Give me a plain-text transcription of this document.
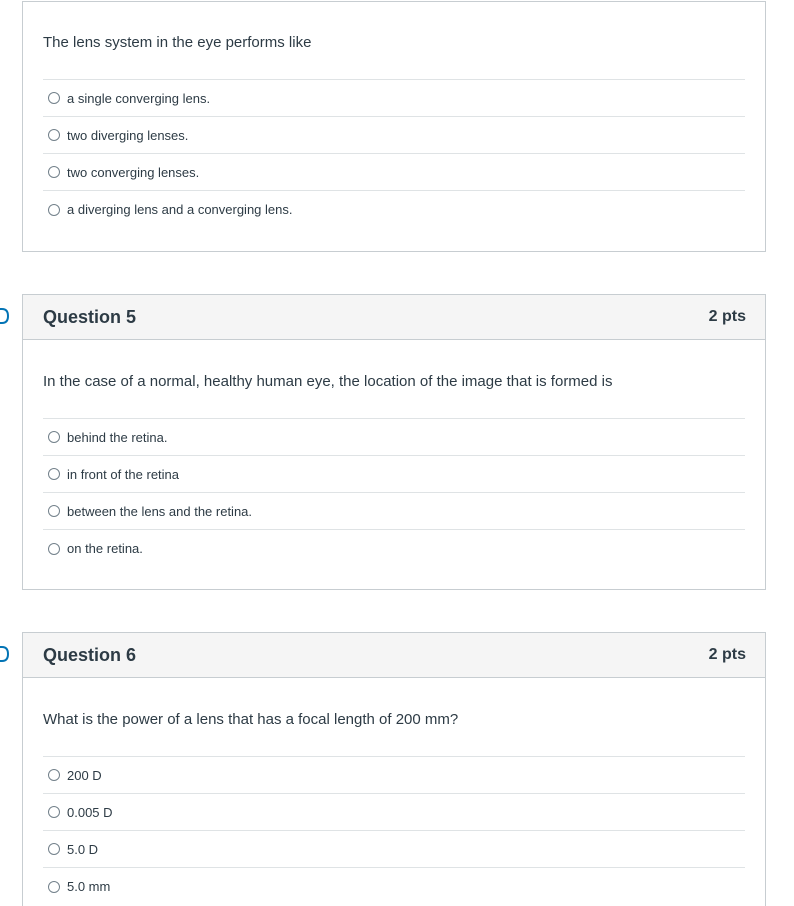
The lens system in the eye performs like

a single converging lens.
two diverging lenses.
two converging lenses.
a diverging lens and a converging lens.
Question 5	2 pts

In the case of a normal, healthy human eye, the location of the image that is formed is

behind the retina.
in front of the retina
between the lens and the retina.
on the retina.
Question 6	2 pts

What is the power of a lens that has a focal length of 200 mm?

200 D
0.005 D
5.0 D
5.0 mm
